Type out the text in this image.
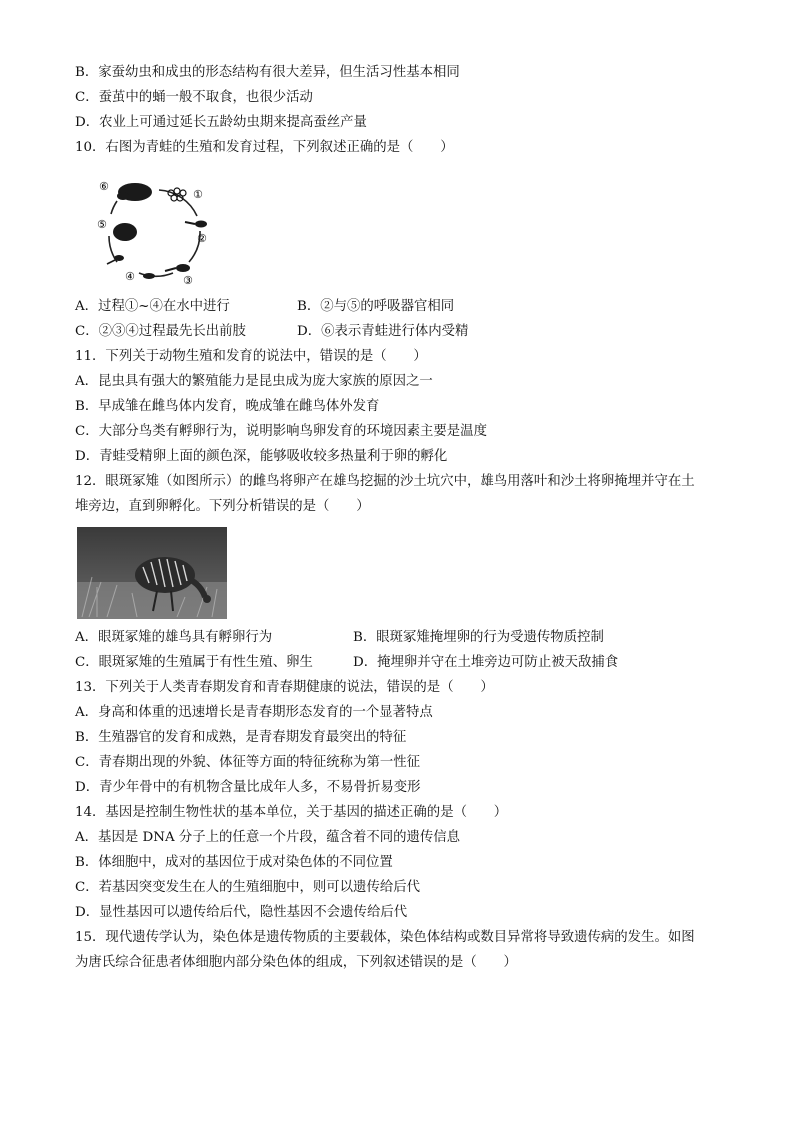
B．家蚕幼虫和成虫的形态结构有很大差异，但生活习性基本相同
C．蚕茧中的蛹一般不取食，也很少活动
D．农业上可通过延长五龄幼虫期来提高蚕丝产量
10．右图为青蛙的生殖和发育过程，下列叙述正确的是（　　）
⑥
①
⑤
②
④	③
A．过程①~④在水中进行	B．②与⑤的呼吸器官相同
C．②③④过程最先长出前肢	D．⑥表示青蛙进行体内受精
11．下列关于动物生殖和发育的说法中，错误的是（　　）
A．昆虫具有强大的繁殖能力是昆虫成为庞大家族的原因之一
B．早成雏在雌鸟体内发育，晚成雏在雌鸟体外发育
C．大部分鸟类有孵卵行为，说明影响鸟卵发育的环境因素主要是温度
D．青蛙受精卵上面的颜色深，能够吸收较多热量利于卵的孵化
12．眼斑冢雉（如图所示）的雌鸟将卵产在雄鸟挖掘的沙土坑穴中，雄鸟用落叶和沙土将卵掩埋并守在土
堆旁边，直到卵孵化。下列分析错误的是（　　）
A．眼斑冢雉的雄鸟具有孵卵行为	B．眼斑冢雉掩埋卵的行为受遗传物质控制
C．眼斑冢雉的生殖属于有性生殖、卵生	D．掩埋卵并守在土堆旁边可防止被天敌捕食
13．下列关于人类青春期发育和青春期健康的说法，错误的是（　　）
A．身高和体重的迅速增长是青春期形态发育的一个显著特点
B．生殖器官的发育和成熟，是青春期发育最突出的特征
C．青春期出现的外貌、体征等方面的特征统称为第一性征
D．青少年骨中的有机物含量比成年人多，不易骨折易变形
14．基因是控制生物性状的基本单位，关于基因的描述正确的是（　　）
A．基因是 DNA 分子上的任意一个片段，蕴含着不同的遗传信息
B．体细胞中，成对的基因位于成对染色体的不同位置
C．若基因突变发生在人的生殖细胞中，则可以遗传给后代
D．显性基因可以遗传给后代，隐性基因不会遗传给后代
15．现代遗传学认为，染色体是遗传物质的主要载体，染色体结构或数目异常将导致遗传病的发生。如图
为唐氏综合征患者体细胞内部分染色体的组成，下列叙述错误的是（　　）
